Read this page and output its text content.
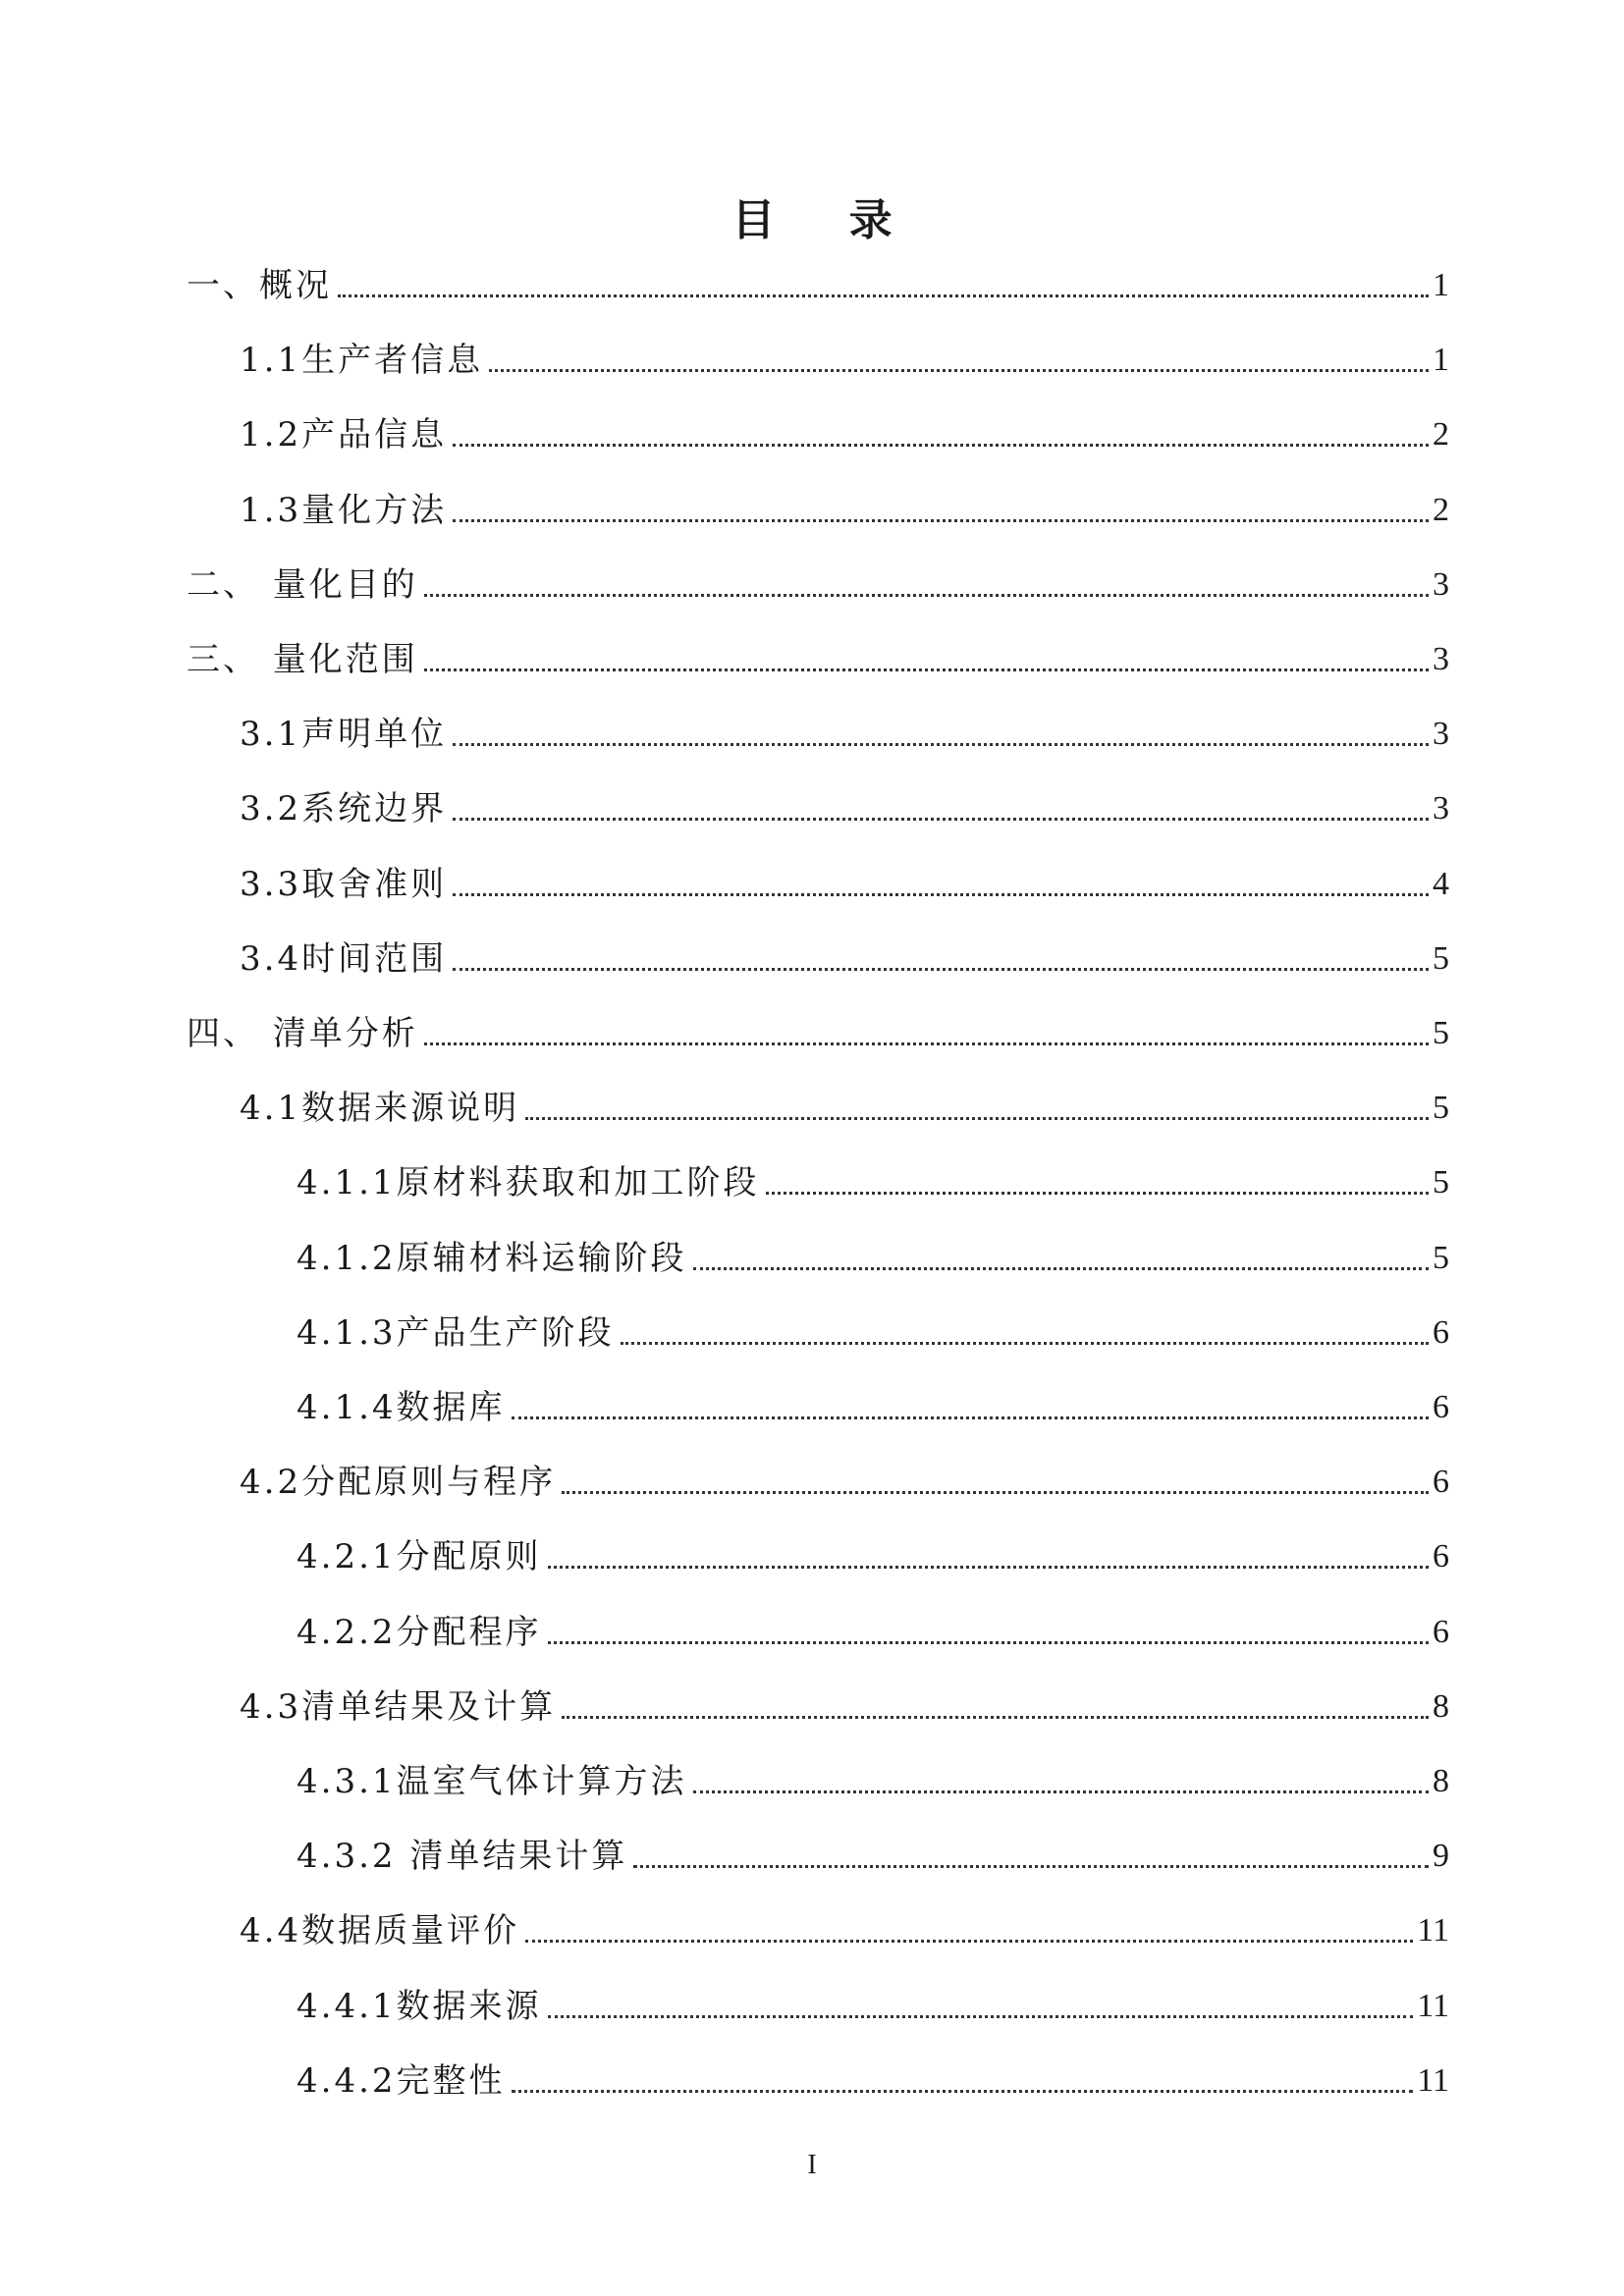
目 录
一、概况	1
1.1生产者信息	1
1.2产品信息	2
1.3量化方法	2
二、 量化目的	3
三、 量化范围	3
3.1声明单位	3
3.2系统边界	3
3.3取舍准则	4
3.4时间范围	5
四、 清单分析	5
4.1数据来源说明	5
4.1.1原材料获取和加工阶段	5
4.1.2原辅材料运输阶段	5
4.1.3产品生产阶段	6
4.1.4数据库	6
4.2分配原则与程序	6
4.2.1分配原则	6
4.2.2分配程序	6
4.3清单结果及计算	8
4.3.1温室气体计算方法	8
4.3.2 清单结果计算	9
4.4数据质量评价	11
4.4.1数据来源	11
4.4.2完整性	11
I
